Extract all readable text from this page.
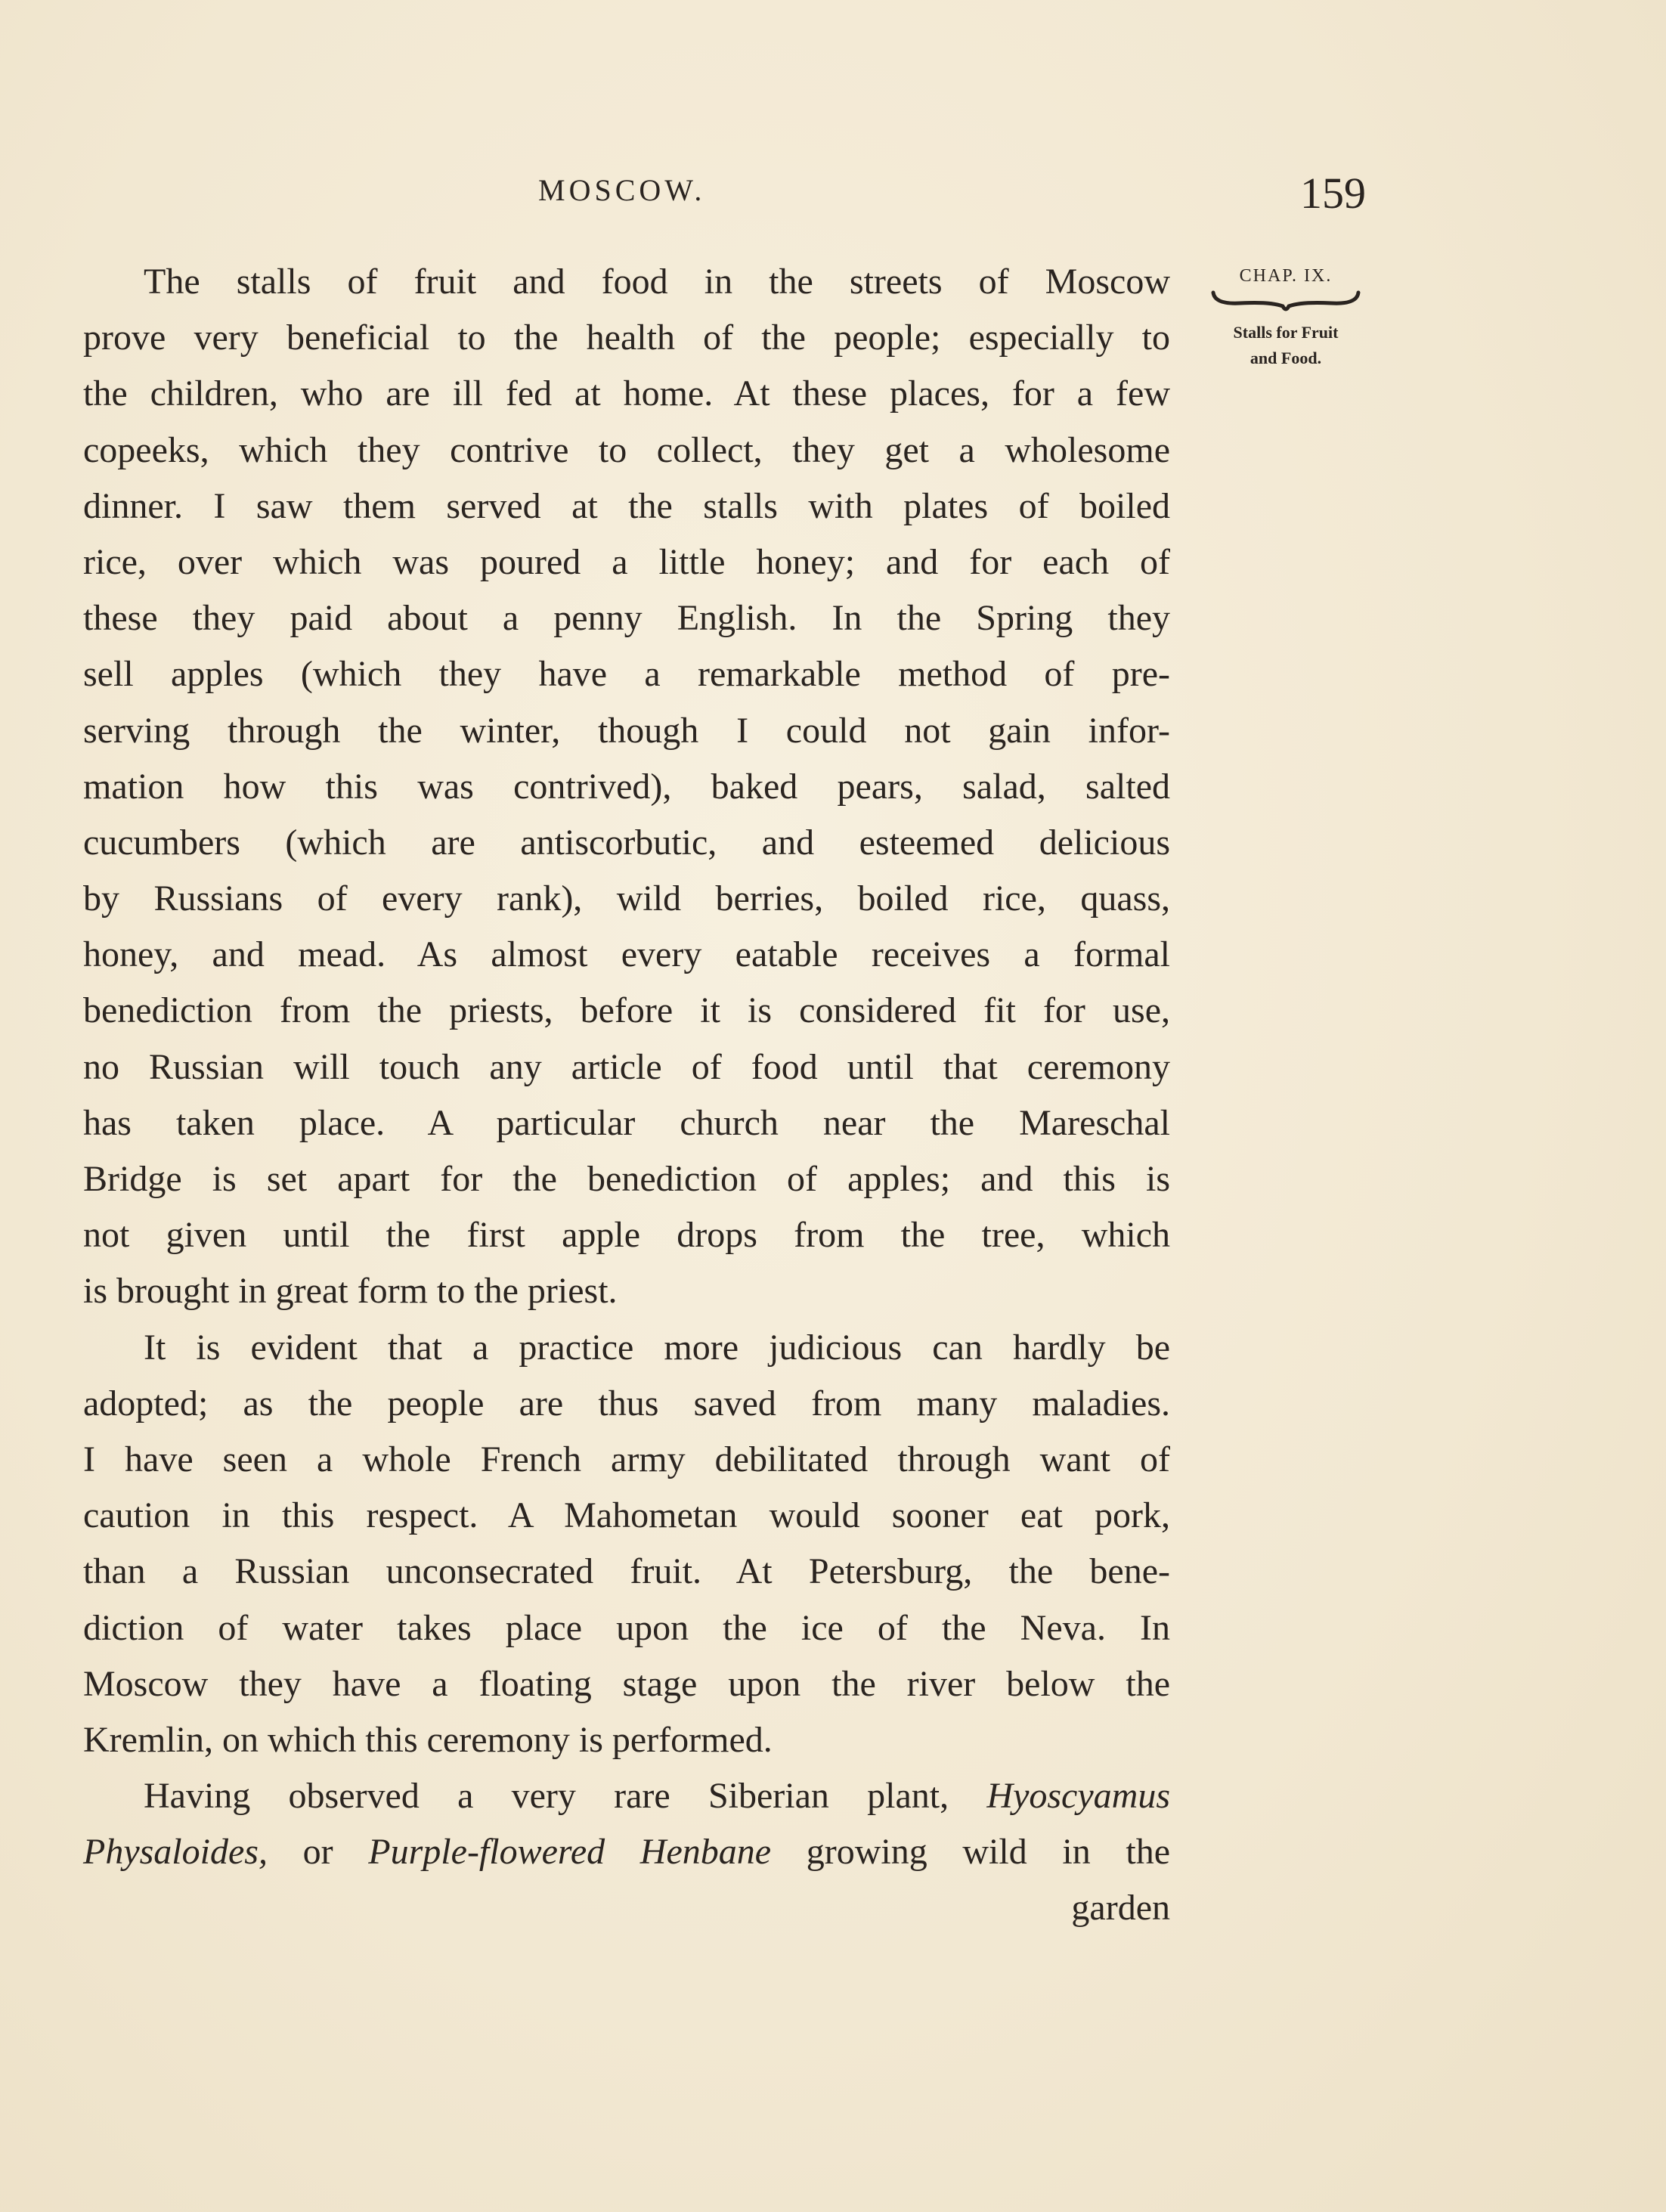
MOSCOW.	159
CHAP. IX.
Stalls for Fruit
and Food.
The stalls of fruit and food in the streets of Moscow
prove very beneficial to the health of the people; especially to
the children, who are ill fed at home. At these places, for a few
copeeks, which they contrive to collect, they get a wholesome
dinner. I saw them served at the stalls with plates of boiled
rice, over which was poured a little honey; and for each of
these they paid about a penny English. In the Spring they
sell apples (which they have a remarkable method of pre-
serving through the winter, though I could not gain infor-
mation how this was contrived), baked pears, salad, salted
cucumbers (which are antiscorbutic, and esteemed delicious
by Russians of every rank), wild berries, boiled rice, quass,
honey, and mead. As almost every eatable receives a formal
benediction from the priests, before it is considered fit for use,
no Russian will touch any article of food until that ceremony
has taken place. A particular church near the Mareschal
Bridge is set apart for the benediction of apples; and this is
not given until the first apple drops from the tree, which
is brought in great form to the priest.
It is evident that a practice more judicious can hardly be
adopted; as the people are thus saved from many maladies.
I have seen a whole French army debilitated through want of
caution in this respect. A Mahometan would sooner eat pork,
than a Russian unconsecrated fruit. At Petersburg, the bene-
diction of water takes place upon the ice of the Neva. In
Moscow they have a floating stage upon the river below the
Kremlin, on which this ceremony is performed.
Having observed a very rare Siberian plant, Hyoscyamus
Physaloides, or Purple-flowered Henbane growing wild in the
garden
